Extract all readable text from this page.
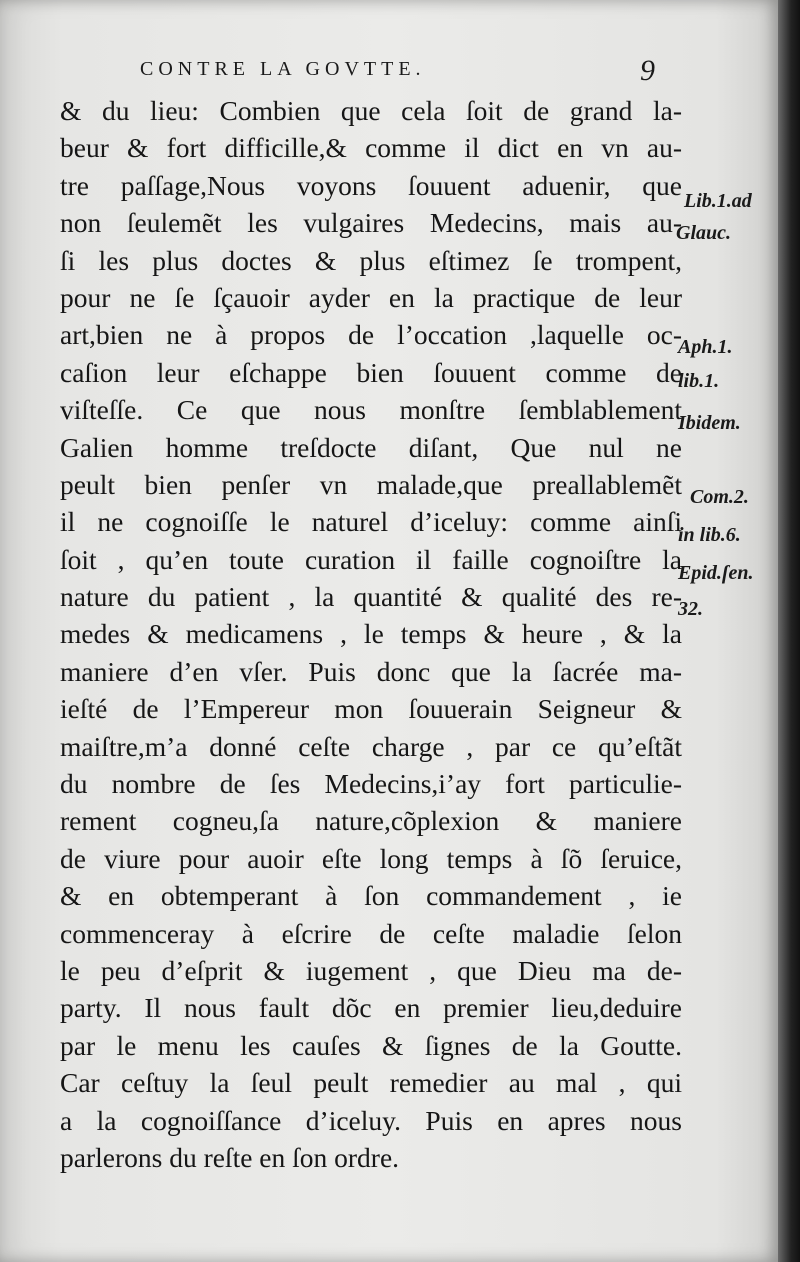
CONTRE LA GOVTTE.	9
& du lieu: Combien que cela ſoit de grand la-
beur & fort difficille,& comme il dict en vn au-
tre paſſage,Nous voyons ſouuent aduenir, que
non ſeulemẽt les vulgaires Medecins, mais au-
ſi les plus doctes & plus eſtimez ſe trompent,
pour ne ſe ſçauoir ayder en la practique de leur
art,bien ne à propos de l’occation ,laquelle oc-
caſion leur eſchappe bien ſouuent comme de
viſteſſe. Ce que nous monſtre ſemblablement
Galien homme treſdocte diſant, Que nul ne
peult bien penſer vn malade,que preallablemẽt
il ne cognoiſſe le naturel d’iceluy: comme ainſi
ſoit , qu’en toute curation il faille cognoiſtre la
nature du patient , la quantité & qualité des re-
medes & medicamens , le temps & heure , & la
maniere d’en vſer. Puis donc que la ſacrée ma-
ieſté de l’Empereur mon ſouuerain Seigneur &
maiſtre,m’a donné ceſte charge , par ce qu’eſtãt
du nombre de ſes Medecins,i’ay fort particulie-
rement cogneu,ſa nature,cõplexion & maniere
de viure pour auoir eſte long temps à ſõ ſeruice,
& en obtemperant à ſon commandement , ie
commenceray à eſcrire de ceſte maladie ſelon
le peu d’eſprit & iugement , que Dieu ma de-
party. Il nous fault dõc en premier lieu,deduire
par le menu les cauſes & ſignes de la Goutte.
Car ceſtuy la ſeul peult remedier au mal , qui
a la cognoiſſance d’iceluy. Puis en apres nous
parlerons du reſte en ſon ordre.
Lib.1.ad
Glauc.
Aph.1.
lib.1.
Ibidem.
Com.2.
in lib.6.
Epid.ſen.
32.
